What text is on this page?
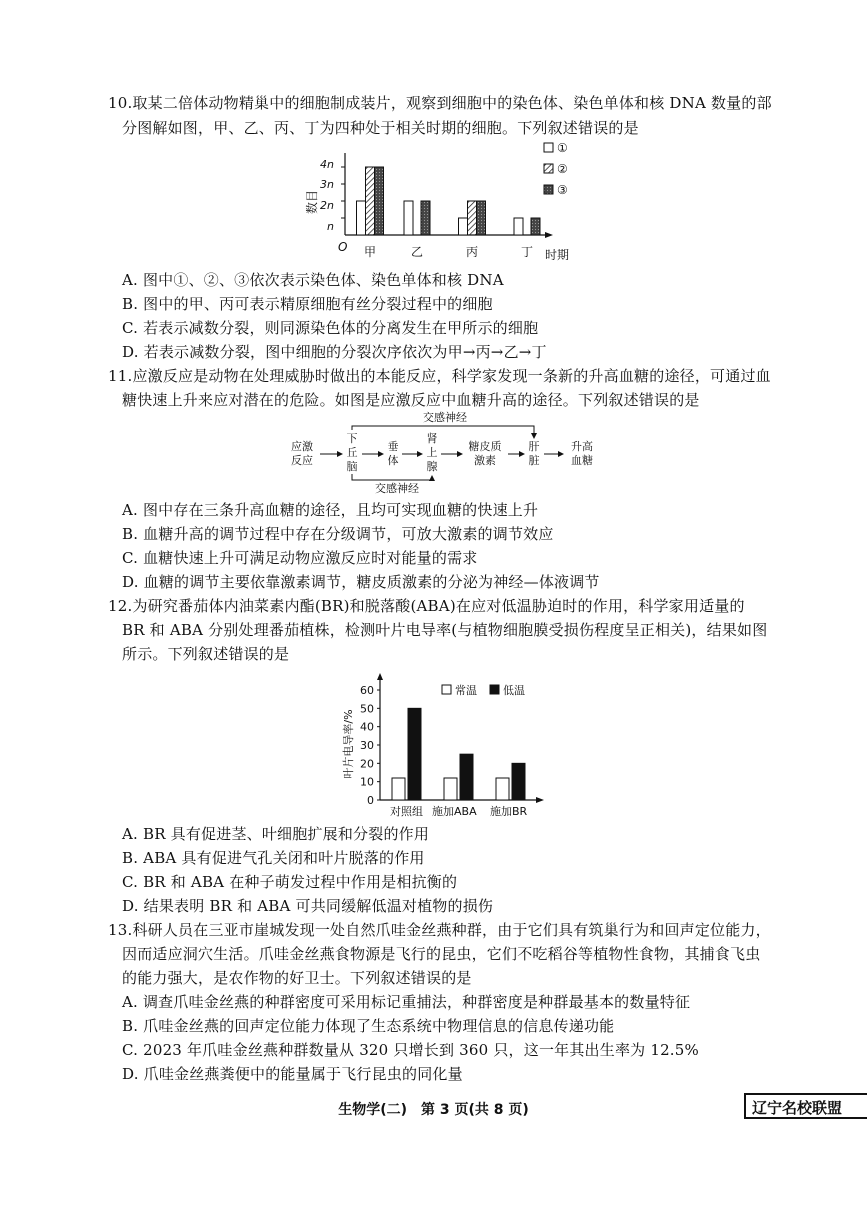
10.取某二倍体动物精巢中的细胞制成装片，观察到细胞中的染色体、染色单体和核 DNA 数量的部
分图解如图，甲、乙、丙、丁为四种处于相关时期的细胞。下列叙述错误的是
数目
4n
3n
2n
n
O
时期
甲	乙	丙	丁
①
②
③
A. 图中①、②、③依次表示染色体、染色单体和核 DNA
B. 图中的甲、丙可表示精原细胞有丝分裂过程中的细胞
C. 若表示减数分裂，则同源染色体的分离发生在甲所示的细胞
D. 若表示减数分裂，图中细胞的分裂次序依次为甲→丙→乙→丁
11.应激反应是动物在处理威胁时做出的本能反应，科学家发现一条新的升高血糖的途径，可通过血
糖快速上升来应对潜在的危险。如图是应激反应中血糖升高的途径。下列叙述错误的是
应激
反应
下
丘
脑
垂
体
肾
上
腺
糖皮质
激素
肝
脏
升高
血糖
交感神经
交感神经
A. 图中存在三条升高血糖的途径，且均可实现血糖的快速上升
B. 血糖升高的调节过程中存在分级调节，可放大激素的调节效应
C. 血糖快速上升可满足动物应激反应时对能量的需求
D. 血糖的调节主要依靠激素调节，糖皮质激素的分泌为神经—体液调节
12.为研究番茄体内油菜素内酯(BR)和脱落酸(ABA)在应对低温胁迫时的作用，科学家用适量的
BR 和 ABA 分别处理番茄植株，检测叶片电导率(与植物细胞膜受损伤程度呈正相关)，结果如图
所示。下列叙述错误的是
叶片电导率/%
0
10
20
30
40
50
60
对照组 施加ABA 施加BR
常温 低温
A. BR 具有促进茎、叶细胞扩展和分裂的作用
B. ABA 具有促进气孔关闭和叶片脱落的作用
C. BR 和 ABA 在种子萌发过程中作用是相抗衡的
D. 结果表明 BR 和 ABA 可共同缓解低温对植物的损伤
13.科研人员在三亚市崖城发现一处自然爪哇金丝燕种群，由于它们具有筑巢行为和回声定位能力，
因而适应洞穴生活。爪哇金丝燕食物源是飞行的昆虫，它们不吃稻谷等植物性食物，其捕食飞虫
的能力强大，是农作物的好卫士。下列叙述错误的是
A. 调查爪哇金丝燕的种群密度可采用标记重捕法，种群密度是种群最基本的数量特征
B. 爪哇金丝燕的回声定位能力体现了生态系统中物理信息的信息传递功能
C. 2023 年爪哇金丝燕种群数量从 320 只增长到 360 只，这一年其出生率为 12.5%
D. 爪哇金丝燕粪便中的能量属于飞行昆虫的同化量
生物学(二)　第 3 页(共 8 页)	辽宁名校联盟
